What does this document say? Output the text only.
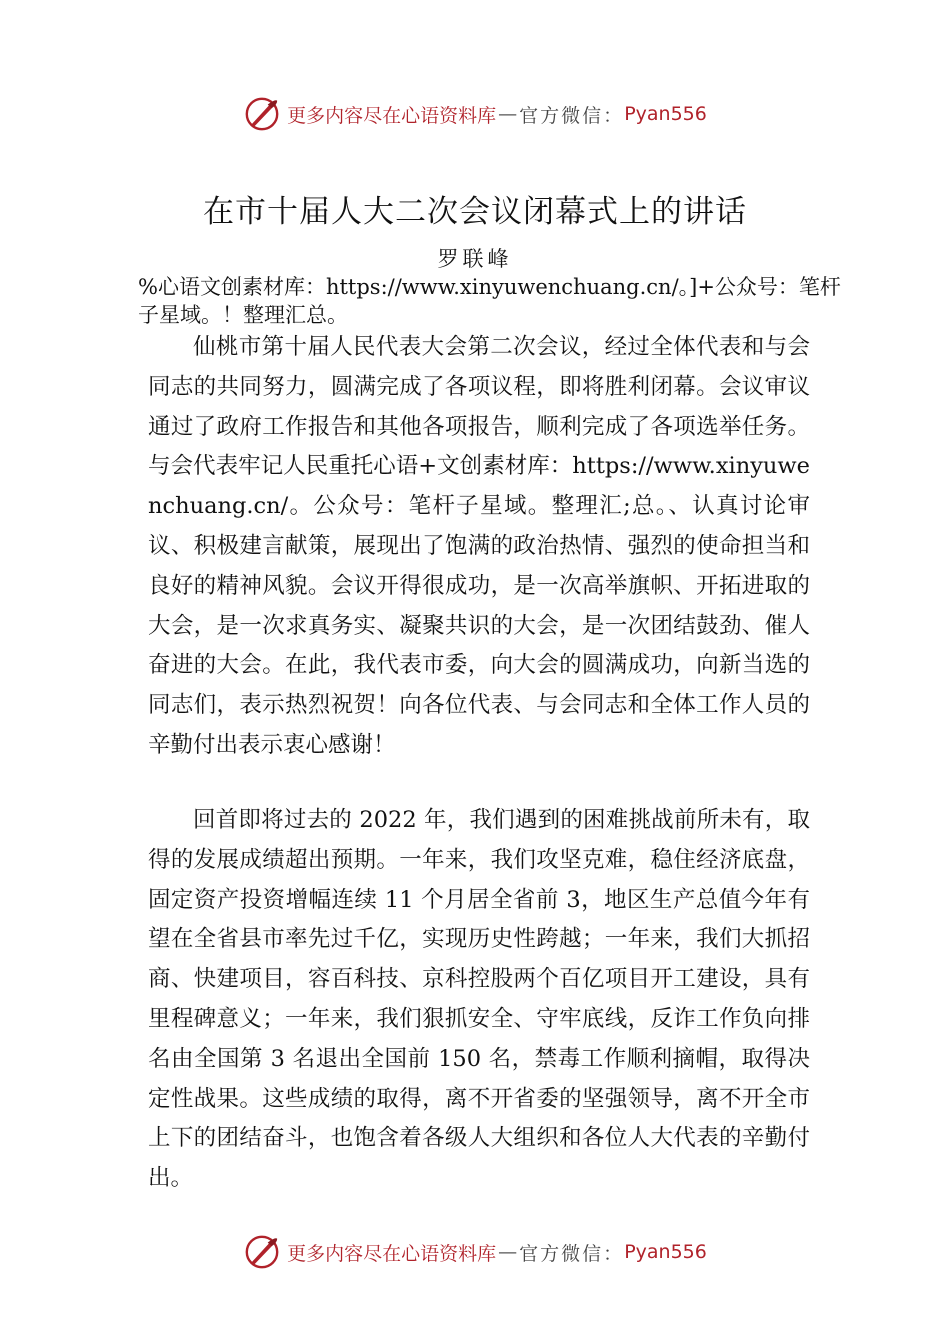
更多内容尽在心语资料库 — 官方微信： Pyan556
在市十届人大二次会议闭幕式上的讲话
罗联峰
%心语文创素材库：https://www.xinyuwenchuang.cn/。]+公众号：笔杆子星域。！整理汇总。

仙桃市第十届人民代表大会第二次会议，经过全体代表和与会同志的共同努力，圆满完成了各项议程，即将胜利闭幕。会议审议通过了政府工作报告和其他各项报告，顺利完成了各项选举任务。与会代表牢记人民重托心语+文创素材库：https://www.xinyuwenchuang.cn/。公众号：笔杆子星域。整理汇;总。、认真讨论审议、积极建言献策，展现出了饱满的政治热情、强烈的使命担当和良好的精神风貌。会议开得很成功，是一次高举旗帜、开拓进取的大会，是一次求真务实、凝聚共识的大会，是一次团结鼓劲、催人奋进的大会。在此，我代表市委，向大会的圆满成功，向新当选的同志们，表示热烈祝贺！向各位代表、与会同志和全体工作人员的辛勤付出表示衷心感谢！

回首即将过去的 2022 年，我们遇到的困难挑战前所未有，取得的发展成绩超出预期。一年来，我们攻坚克难，稳住经济底盘，固定资产投资增幅连续 11 个月居全省前 3，地区生产总值今年有望在全省县市率先过千亿，实现历史性跨越；一年来，我们大抓招商、快建项目，容百科技、京科控股两个百亿项目开工建设，具有里程碑意义；一年来，我们狠抓安全、守牢底线，反诈工作负向排名由全国第 3 名退出全国前 150 名，禁毒工作顺利摘帽，取得决定性战果。这些成绩的取得，离不开省委的坚强领导，离不开全市上下的团结奋斗，也饱含着各级人大组织和各位人大代表的辛勤付出。

更多内容尽在心语资料库 — 官方微信： Pyan556
